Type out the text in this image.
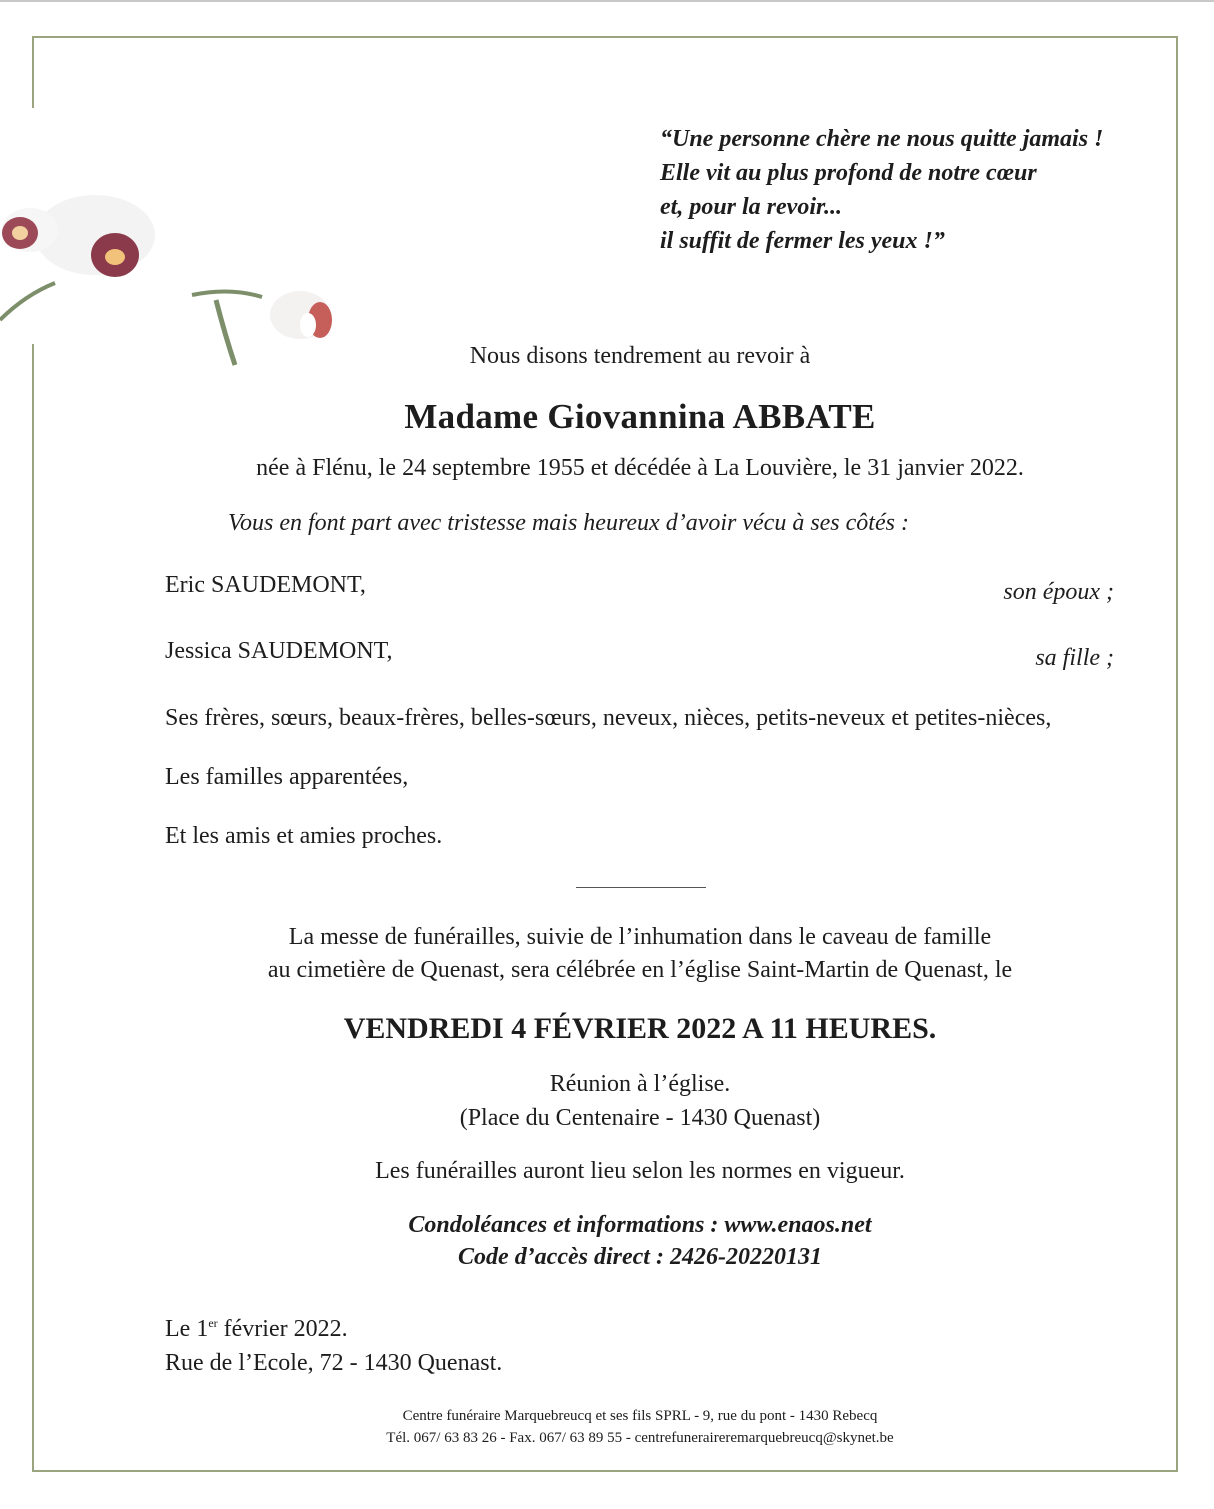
“Une personne chère ne nous quitte jamais !
Elle vit au plus profond de notre cœur
et, pour la revoir...
il suffit de fermer les yeux !”
Nous disons tendrement au revoir à
Madame Giovannina ABBATE
née à Flénu, le 24 septembre 1955 et décédée à La Louvière, le 31 janvier 2022.
Vous en font part avec tristesse mais heureux d’avoir vécu à ses côtés :
Eric SAUDEMONT,	son époux ;
Jessica SAUDEMONT,	sa fille ;
Ses frères, sœurs, beaux-frères, belles-sœurs, neveux, nièces, petits-neveux et petites-nièces,
Les familles apparentées,
Et les amis et amies proches.
La messe de funérailles, suivie de l’inhumation dans le caveau de famille
au cimetière de Quenast, sera célébrée en l’église Saint-Martin de Quenast, le
VENDREDI 4 FÉVRIER 2022 A 11 HEURES.
Réunion à l’église.
(Place du Centenaire - 1430 Quenast)
Les funérailles auront lieu selon les normes en vigueur.
Condoléances et informations : www.enaos.net
Code d’accès direct : 2426-20220131
Le 1er février 2022.
Rue de l’Ecole, 72 - 1430 Quenast.
Centre funéraire Marquebreucq et ses fils SPRL - 9, rue du pont - 1430 Rebecq
Tél. 067/ 63 83 26 - Fax. 067/ 63 89 55 - centrefuneraireremarquebreucq@skynet.be
